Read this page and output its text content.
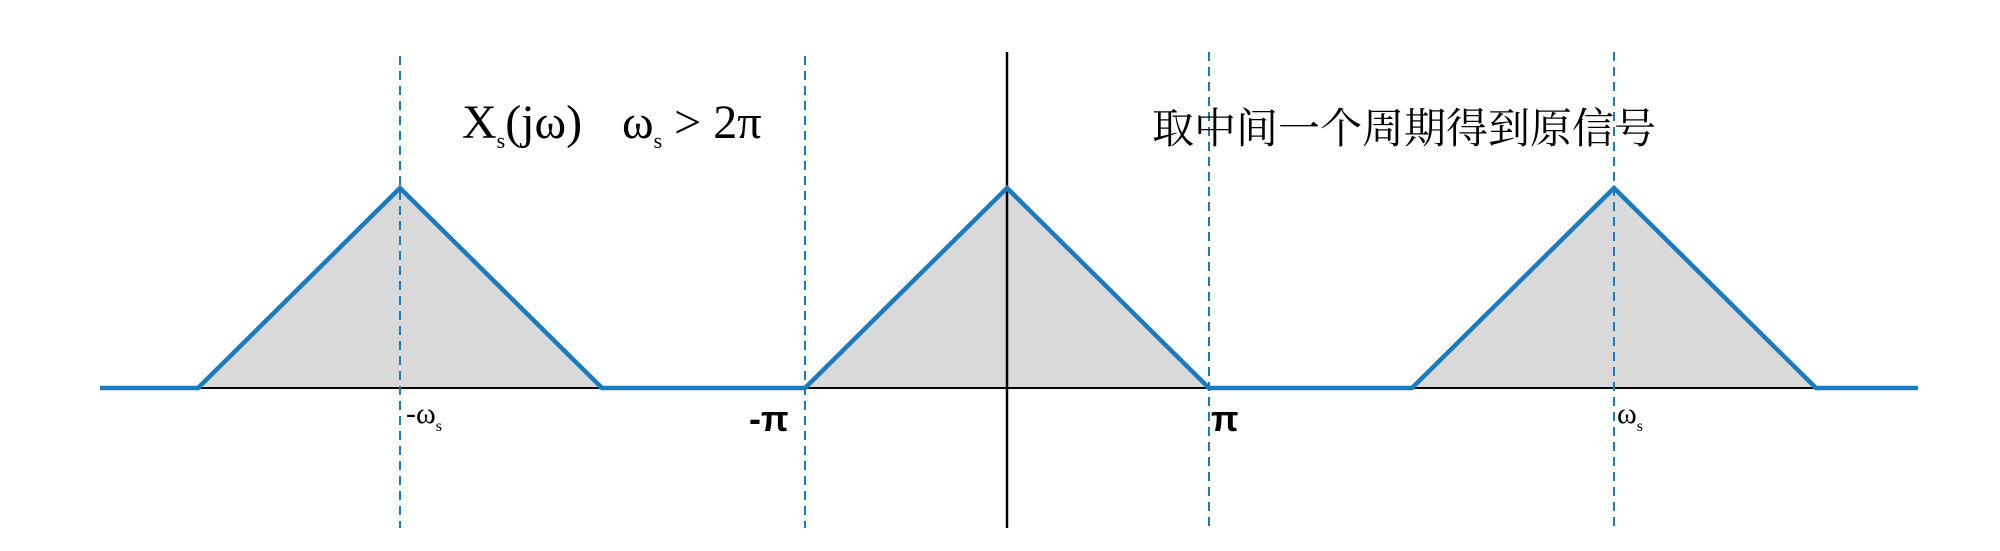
$X_s(j\omega) \omega_s > 2\pi$	取中间一个周期得到原信号
$-\omega_s$	-π	π	$\omega_s$
